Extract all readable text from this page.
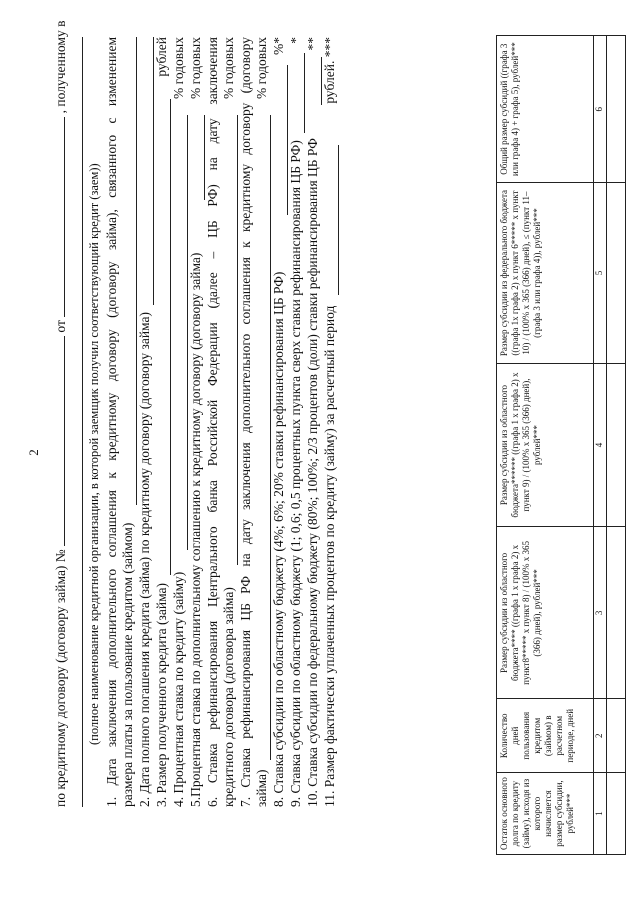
2
по кредитному договору (договору займа) №  от  , полученному в
(полное наименование кредитной организации, в которой заемщик получил соответствующий кредит (заем)) 1. Дата заключения дополнительного соглашения к кредитному договору (договору займа), связанного с изменением размера платы за пользование кредитом (займом) 2. Дата полного погашения кредита (займа) по кредитному договору (договору займа) 3. Размер полученного кредита (займа)
рублей
4. Процентная ставка по кредиту (займу)
% годовых
5.Процентная ставка по дополнительному соглашению к кредитному договору (договору займа)
% годовых 6. Ставка рефинансирования Центрального банка Российской Федерации (далее – ЦБ РФ) на дату заключения кредитного договора (договора займа)
% годовых 7. Ставка рефинансирования ЦБ РФ на дату заключения дополнительного соглашения к кредитному договору (договору займа)
% годовых
8. Ставка субсидии по областному бюджету (4%; 6%; 20% ставки рефинансирования ЦБ РФ)
%*
9. Ставка субсидии по областному бюджету (1; 0,6; 0,5 процентных пункта сверх ставки рефинансирования ЦБ РФ)
*
10. Ставка субсидии по федеральному бюджету (80%; 100%; 2/3 процентов (доли) ставки рефинансирования ЦБ РФ
**
11. Размер фактически уплаченных процентов по кредиту (займу) за расчетный период
рублей. ***
Остаток основного долга по кредиту (займу), исходя из которого начисляется размер субсидии, рублей***	Количество дней пользования кредитом (займом) в расчетном периоде, дней	Размер субсидии из областного бюджета**** ((графа 1 x графа 2) x пункт8***** x пункт 8) / (100% x 365 (366) дней), рублей***	Размер субсидии из областного бюджета****** ((графа 1 x графа 2) x пункт 9) / (100% x 365 (366) дней), рублей***	Размер субсидии из федерального бюджета ((графа 1x графа 2) x пункт 6***** x пункт 10) / (100% x 365 (366) дней), ≤ (пункт 11– (графа 3 или графа 4)), рублей***	Общий размер субсидий ((графа 3 или графа 4) + графа 5), рублей***
1	2	3	4	5	6
